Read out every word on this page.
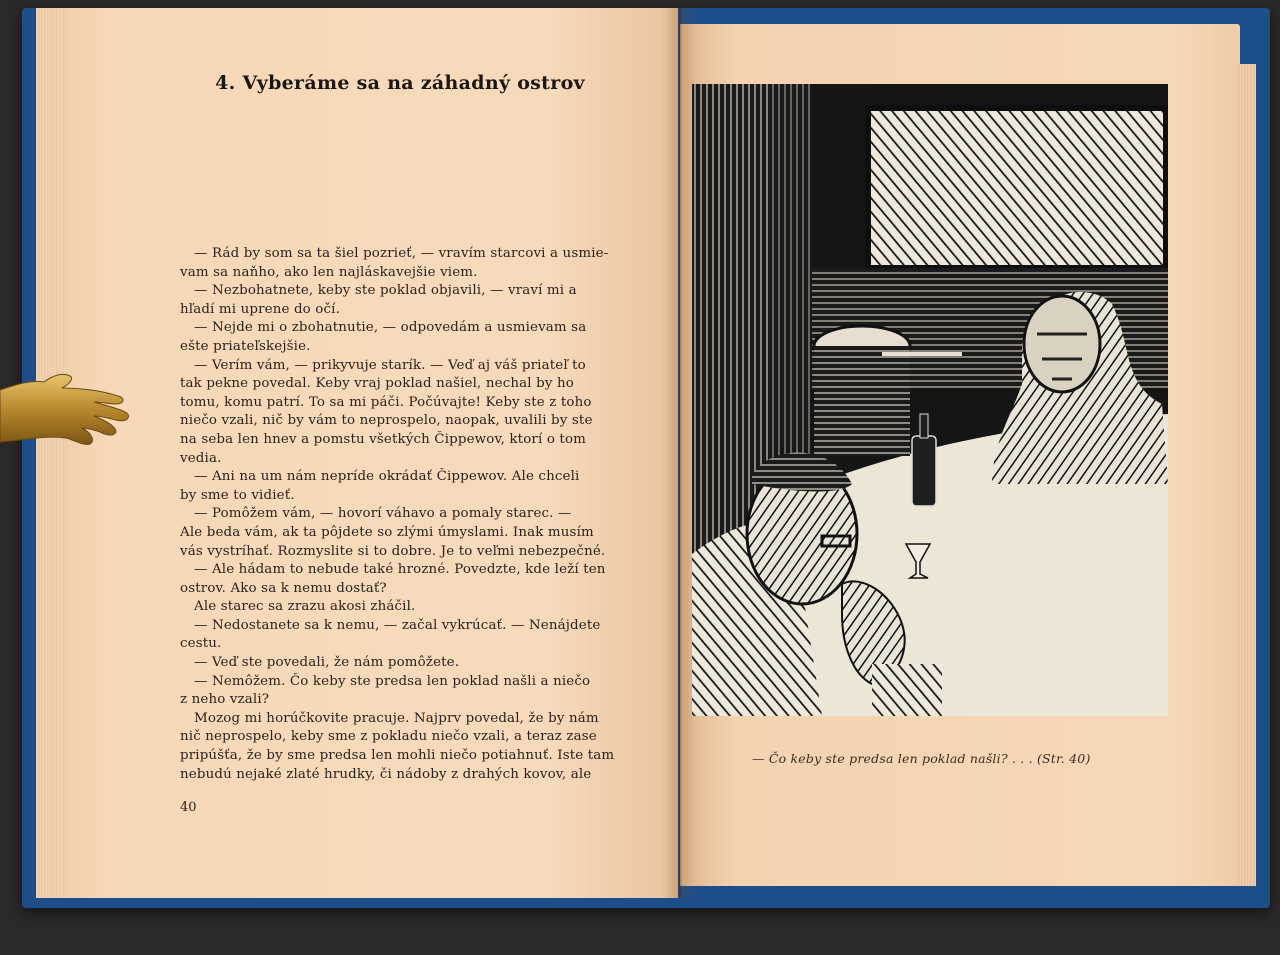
4. Vyberáme sa na záhadný ostrov
— Rád by som sa ta šiel pozrieť, — vravím starcovi a usmie-
vam sa naňho, ako len najláskavejšie viem.
— Nezbohatnete, keby ste poklad objavili, — vraví mi a
hľadí mi uprene do očí.
— Nejde mi o zbohatnutie, — odpovedám a usmievam sa
ešte priateľskejšie.
— Verím vám, — prikyvuje starík. — Veď aj váš priateľ to
tak pekne povedal. Keby vraj poklad našiel, nechal by ho
tomu, komu patrí. To sa mi páči. Počúvajte! Keby ste z toho
niečo vzali, nič by vám to neprospelo, naopak, uvalili by ste
na seba len hnev a pomstu všetkých Čippewov, ktorí o tom
vedia.
— Ani na um nám nepríde okrádať Čippewov. Ale chceli
by sme to vidieť.
— Pomôžem vám, — hovorí váhavo a pomaly starec. —
Ale beda vám, ak ta pôjdete so zlými úmyslami. Inak musím
vás vystríhať. Rozmyslite si to dobre. Je to veľmi nebezpečné.
— Ale hádam to nebude také hrozné. Povedzte, kde leží ten
ostrov. Ako sa k nemu dostať?
Ale starec sa zrazu akosi zháčil.
— Nedostanete sa k nemu, — začal vykrúcať. — Nenájdete
cestu.
— Veď ste povedali, že nám pomôžete.
— Nemôžem. Čo keby ste predsa len poklad našli a niečo
z neho vzali?
Mozog mi horúčkovite pracuje. Najprv povedal, že by nám
nič neprospelo, keby sme z pokladu niečo vzali, a teraz zase
pripúšťa, že by sme predsa len mohli niečo potiahnuť. Iste tam
nebudú nejaké zlaté hrudky, či nádoby z drahých kovov, ale
40
— Čo keby ste predsa len poklad našli? . . . (Str. 40)
